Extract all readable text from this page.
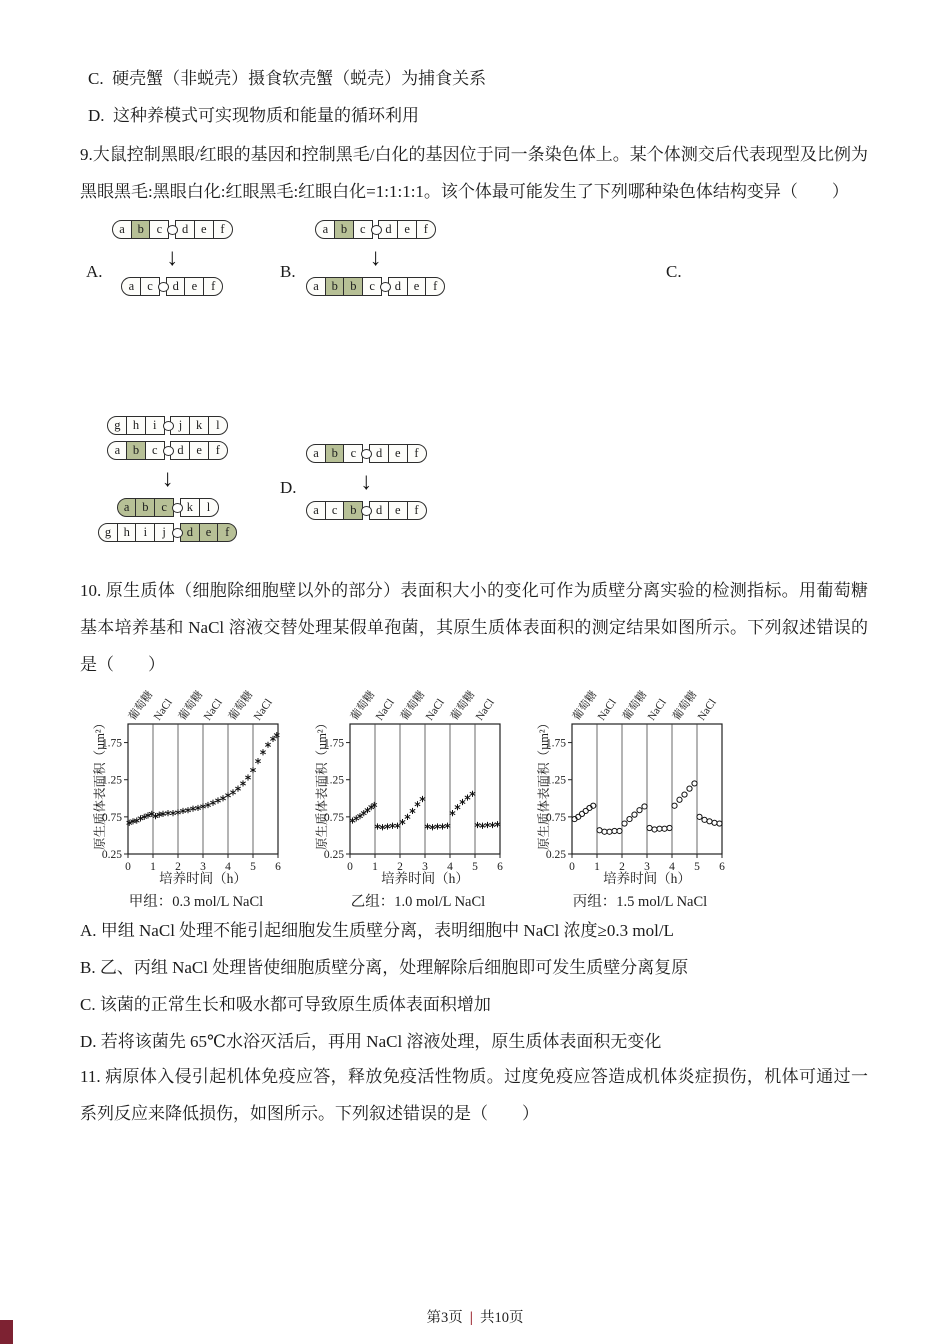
C. 硬壳蟹（非蜕壳）摄食软壳蟹（蜕壳）为捕食关系
D. 这种养模式可实现物质和能量的循环利用
9.大鼠控制黑眼/红眼的基因和控制黑毛/白化的基因位于同一条染色体上。某个体测交后代表现型及比例为黑眼黑毛:黑眼白化:红眼黑毛:红眼白化=1:1:1:1。该个体最可能发生了下列哪种染色体结构变异（　　）
A.	B.	C.
D.
a	b	c	d	e	f
↓
a	c	d	e	f
a	b	c	d	e	f
↓
a	b b	c	d	e	f
g h	i	j	k	l
a	b	c	d	e	f
↓
a	b	c	k	l
g h	i	j	d	e	f
a	b	c	d	e	f
↓
a	c	b	d	e	f
10. 原生质体（细胞除细胞壁以外的部分）表面积大小的变化可作为质壁分离实验的检测指标。用葡萄糖基本培养基和 NaCl 溶液交替处理某假单孢菌，其原生质体表面积的测定结果如图所示。下列叙述错误的是（　　）
原生质体表面积（µm²）
0.25
0.75
1.25
1.75
0 1 2 3 4 5 6
葡萄糖
NaCl 葡萄糖
NaCl 葡萄糖
NaCl
培养时间（h）
甲组：0.3 mol/L NaCl
原生质体表面积（µm²）
0.25
0.75
1.25
1.75
0 1 2 3 4 5 6
葡萄糖
NaCl 葡萄糖
NaCl 葡萄糖
NaCl
培养时间（h）
乙组：1.0 mol/L NaCl
原生质体表面积（µm²）
0.25
0.75
1.25
1.75
0 1 2 3 4 5 6
葡萄糖
NaCl 葡萄糖
NaCl 葡萄糖
NaCl
培养时间（h）
丙组：1.5 mol/L NaCl
A. 甲组 NaCl 处理不能引起细胞发生质壁分离，表明细胞中 NaCl 浓度≥0.3 mol/L
B. 乙、丙组 NaCl 处理皆使细胞质壁分离，处理解除后细胞即可发生质壁分离复原
C. 该菌的正常生长和吸水都可导致原生质体表面积增加
D. 若将该菌先 65℃水浴灭活后，再用 NaCl 溶液处理，原生质体表面积无变化
11. 病原体入侵引起机体免疫应答，释放免疫活性物质。过度免疫应答造成机体炎症损伤，机体可通过一系列反应来降低损伤，如图所示。下列叙述错误的是（　　）
第3页 | 共10页
